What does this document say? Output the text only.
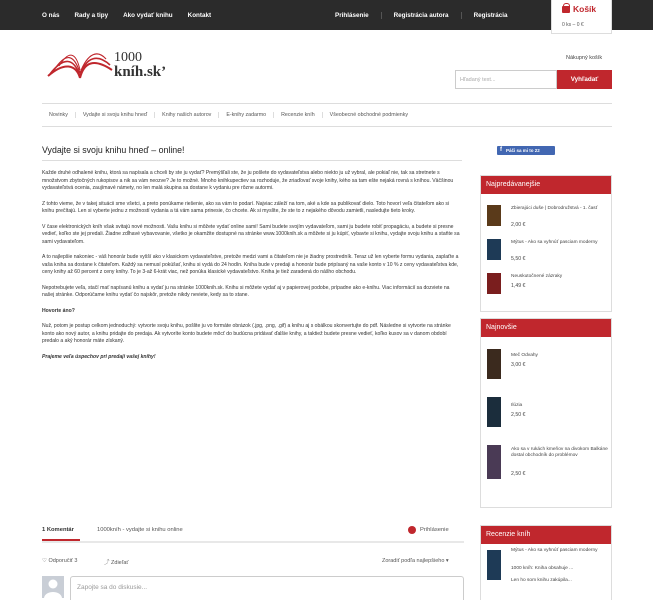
O nás Rady a tipy Ako vydať knihu Kontakt	Prihlásenie	Registrácia autora	Registrácia
Košík
0 ks – 0 €
1000
kníh.sk’
Nákupný košík
Hľadaný text...	Vyhľadať
Novinky	Vydajte si svoju knihu hneď	Knihy našich autorov	E-knihy zadarmo	Recenzie kníh	Všeobecné obchodné podmienky
Vydajte si svoju knihu hneď – online!
f	Páči sa mi to 22

Každe druhé odhalené knihu, ktorá sa napísala a chceli by ste ju vydať? Premýšľali ste, že ju pošlete do vydavateľstva alebo niekto ju už vybral, ale pokiaľ nie, tak sa stretnete s množstvom zbytočných rukopisov a nik sa vám neozve? Je to možné. Mnoho knihkupectiev sa rozhoduje, že zriaďovať svoje knihy, kého sa tam ešte nejaká rovná s kníhou. Väčšinou vydavateľstvá ocenia, zaujímavé námety, no len malá skupina sa dostane k vydaniu pre rôzne autormi.

Z tohto vieme, že v takej situácii sme všetci, a preto ponúkame riešenie, ako sa vám to podarí. Najviac záleží na tom, aké a kde sa publikovať dielo. Toto hovorí veľa čitateľom ako si knihu prečítajú. Len si vyberte jednu z možností vydania a tá vám sama prinesie, čo chcete. Ak si myslíte, že ste to z nejakého dôvodu zamietli, nasledujte tieto kroky.

V čase elektronických kníh však svitajú nové možnosti. Vašu knihu si môžete vydať online sami! Sami budete svojím vydavateľom, sami ju budete robiť propagáciu, a budete si presne vedieť, koľko ste jej predali. Žiadne zdĺhavé vybavovanie, všetko je okamžite dostupné na stránke www.1000knih.sk a môžete si ju kúpiť, vybavte si knihu, vydajte svoju knihu a staňte sa sami vydavateľom.

A to najlepšie nakoniec - váš honorár bude vyšší ako v klasickom vydavateľstve, pretože medzi vami a čitateľom nie je žiadny prostredník. Teraz už len vyberte formu vydania, zaplaťte a vaša kniha sa dostane k čitateľom. Každý sa nemusí pokúšať, knihu si vydá do 24 hodín. Kniha bude v predaji a honorár bude pripísaný na vaše konto v 10 % z ceny vydavateľstva kde, ceny knihy až 60 percent z ceny knihy. To je 3-až 6-krát viac, než ponúka klasické vydavateľstvo. Kniha je tiež zaradená do nášho obchodu.

Nepotrebujete veľa, stačí mať napísanú knihu a vydať ju na stránke 1000knih.sk. Knihu si môžete vydať aj v papierovej podobe, prípadne ako e-knihu. Viac informácií sa dozviete na našej stránke. Odporúčame knihu vydať čo najskôr, pretože nikdy neviete, kedy sa to stane.

Hovorte áno?

Nuž, potom je postup celkom jednoduchý: vytvorte svoju knihu, pošlite ju vo formáte obrázok (.jpg, .png, .gif) a knihu aj s obálkou skonvertujte do pdf. Následne si vytvorte na stránke konto ako nový autor, a knihu pridajte do predaja. Ak vytvoríte konto budete môcť do budúcna pridávať ďalšie knihy, a taktiež budete presne vedieť, koľko kusov sa v danom období predalo a aký honorár máte získaný.

Prajeme veľa úspechov pri predaji vašej knihy!

Najpredávanejšie
Zbierajúci duše | Dobrodružstvá - 1. časť
2,00 €
Mýtus - Ako sa vyhnúť pasciam moderny
5,50 €
Neuskutočnené zázraky
1,49 €
Najnovšie
Meč Odvahy
3,00 €
Ilúzia
2,50 €
Ako sa v rukách kmeňov na divokom Balkáne dostal obchodník do problémov
2,50 €
Recenzie kníh
Mýtus - Ako sa vyhnúť pasciam moderny
1000 kníh: Kniha obsahuje ...
Len ho som knihu zakúpila...
1 Komentár	1000kníh - vydajte si knihu online	Prihlásenie
♡ Odporučiť 3	⤴ Zdieľať	Zoradiť podľa najlepšieho ▾
Zapojte sa do diskusie...
